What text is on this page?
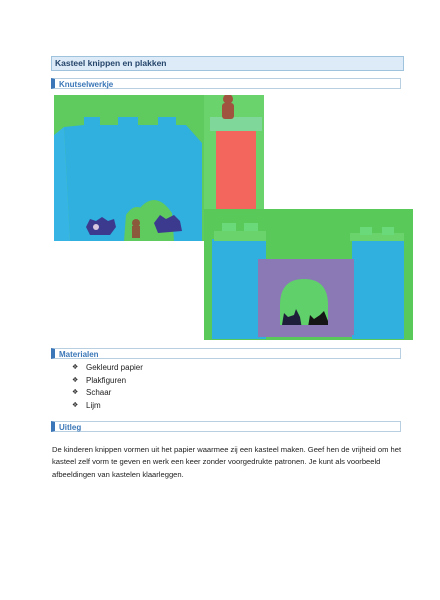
Kasteel knippen en plakken
Knutselwerkje
Materialen
❖ Gekleurd papier
❖ Plakfiguren
❖ Schaar
❖ Lijm
Uitleg

De kinderen knippen vormen uit het papier waarmee zij een kasteel maken. Geef hen de vrijheid om het kasteel zelf vorm te geven en werk een keer zonder voorgedrukte patronen. Je kunt als voorbeeld afbeeldingen van kastelen klaarleggen.
